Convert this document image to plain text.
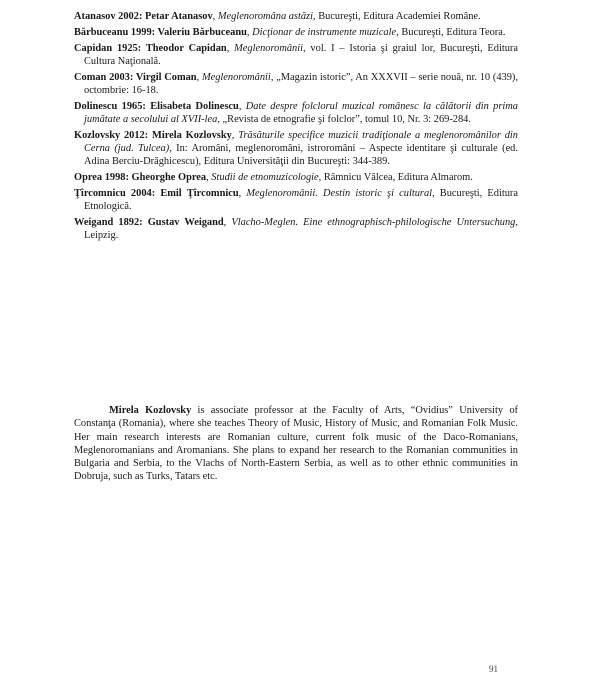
Atanasov 2002: Petar Atanasov, Meglenoromâna astăzi, Bucureşti, Editura Academiei Române.

Bărbuceanu 1999: Valeriu Bărbuceanu, Dicţionar de instrumente muzicale, Bucureşti, Editura Teora.

Capidan 1925: Theodor Capidan, Meglenoromânii, vol. I – Istoria şi graiul lor, Bucureşti, Editura Cultura Naţională.

Coman 2003: Virgil Coman, Meglenoromânii, „Magazin istoric”, An XXXVII – serie nouă, nr. 10 (439), octombrie: 16-18.

Dolinescu 1965: Elisabeta Dolinescu, Date despre folclorul muzical românesc la călătorii din prima jumătate a secolului al XVII-lea, „Revista de etnografie şi folclor”, tomul 10, Nr. 3: 269-284.

Kozlovsky 2012: Mirela Kozlovsky, Trăsăturile specifice muzicii tradiţionale a meglenoromânilor din Cerna (jud. Tulcea), In: Aromâni, meglenoromâni, istroromâni – Aspecte identitare şi culturale (ed. Adina Berciu-Drăghicescu), Editura Universităţii din Bucureşti: 344-389.

Oprea 1998: Gheorghe Oprea, Studii de etnomuzicologie, Râmnicu Vâlcea, Editura Almarom.

Ţîrcomnicu 2004: Emil Ţîrcomnicu, Meglenoromânii. Destin istoric şi cultural, Bucureşti, Editura Etnologică.

Weigand 1892: Gustav Weigand, Vlacho-Meglen. Eine ethnographisch-philologische Untersuchung, Leipzig.

Mirela Kozlovsky is associate professor at the Faculty of Arts, “Ovidius” University of Constanţa (Romania), where she teaches Theory of Music, History of Music, and Romanian Folk Music. Her main research interests are Romanian culture, current folk music of the Daco-Romanians, Meglenoromanians and Aromanians. She plans to expand her research to the Romanian communities in Bulgaria and Serbia, to the Vlachs of North-Eastern Serbia, as well as to other ethnic communities in Dobruja, such as Turks, Tatars etc.

91
